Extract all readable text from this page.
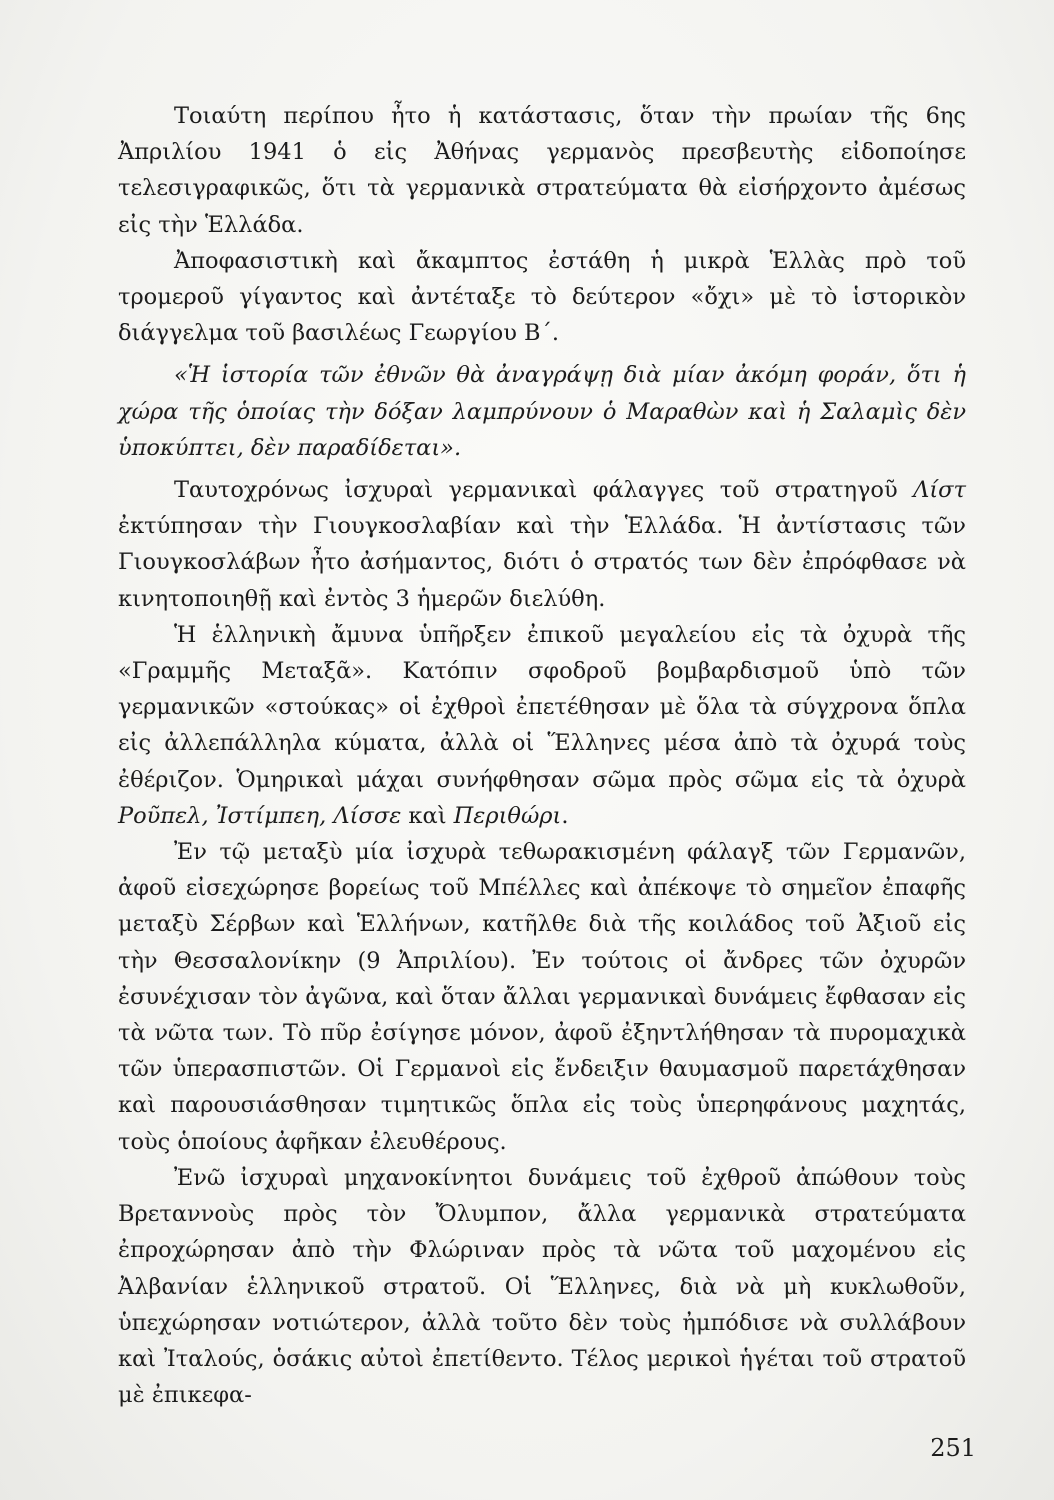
Τοιαύτη περίπου ἦτο ἡ κατάστασις, ὅταν τὴν πρωίαν τῆς 6ης Ἀπριλίου 1941 ὁ εἰς Ἀθήνας γερμανὸς πρεσβευτὴς εἰδοποίησε τελεσιγραφικῶς, ὅτι τὰ γερμανικὰ στρατεύματα θὰ εἰσήρχοντο ἀμέσως εἰς τὴν Ἑλλάδα.

Ἀποφασιστικὴ καὶ ἄκαμπτος ἐστάθη ἡ μικρὰ Ἑλλὰς πρὸ τοῦ τρομεροῦ γίγαντος καὶ ἀντέταξε τὸ δεύτερον «ὄχι» μὲ τὸ ἱστορικὸν διάγγελμα τοῦ βασιλέως Γεωργίου Β΄.

«Ἡ ἱστορία τῶν ἐθνῶν θὰ ἀναγράψῃ διὰ μίαν ἀκόμη φοράν, ὅτι ἡ χώρα τῆς ὁποίας τὴν δόξαν λαμπρύνουν ὁ Μαραθὼν καὶ ἡ Σαλαμὶς δὲν ὑποκύπτει, δὲν παραδίδεται».

Ταυτοχρόνως ἰσχυραὶ γερμανικαὶ φάλαγγες τοῦ στρατηγοῦ Λίστ ἐκτύπησαν τὴν Γιουγκοσλαβίαν καὶ τὴν Ἑλλάδα. Ἡ ἀντίστασις τῶν Γιουγκοσλάβων ἦτο ἀσήμαντος, διότι ὁ στρατός των δὲν ἐπρόφθασε νὰ κινητοποιηθῇ καὶ ἐντὸς 3 ἡμερῶν διελύθη.

Ἡ ἑλληνικὴ ἄμυνα ὑπῆρξεν ἐπικοῦ μεγαλείου εἰς τὰ ὀχυρὰ τῆς «Γραμμῆς Μεταξᾶ». Κατόπιν σφοδροῦ βομβαρδισμοῦ ὑπὸ τῶν γερμανικῶν «στούκας» οἱ ἐχθροὶ ἐπετέθησαν μὲ ὅλα τὰ σύγχρονα ὅπλα εἰς ἀλλεπάλληλα κύματα, ἀλλὰ οἱ Ἕλληνες μέσα ἀπὸ τὰ ὀχυρά τοὺς ἐθέριζον. Ὁμηρικαὶ μάχαι συνήφθησαν σῶμα πρὸς σῶμα εἰς τὰ ὀχυρὰ Ροῦπελ, Ἰστίμπεη, Λίσσε καὶ Περιθώρι.

Ἐν τῷ μεταξὺ μία ἰσχυρὰ τεθωρακισμένη φάλαγξ τῶν Γερμανῶν, ἀφοῦ εἰσεχώρησε βορείως τοῦ Μπέλλες καὶ ἀπέκοψε τὸ σημεῖον ἐπαφῆς μεταξὺ Σέρβων καὶ Ἑλλήνων, κατῆλθε διὰ τῆς κοιλάδος τοῦ Ἀξιοῦ εἰς τὴν Θεσσαλονίκην (9 Ἀπριλίου). Ἐν τούτοις οἱ ἄνδρες τῶν ὀχυρῶν ἐσυνέχισαν τὸν ἀγῶνα, καὶ ὅταν ἄλλαι γερμανικαὶ δυνάμεις ἔφθασαν εἰς τὰ νῶτα των. Τὸ πῦρ ἐσίγησε μόνον, ἀφοῦ ἐξηντλήθησαν τὰ πυρομαχικὰ τῶν ὑπερασπιστῶν. Οἱ Γερμανοὶ εἰς ἔνδειξιν θαυμασμοῦ παρετάχθησαν καὶ παρουσιάσθησαν τιμητικῶς ὅπλα εἰς τοὺς ὑπερηφάνους μαχητάς, τοὺς ὁποίους ἀφῆκαν ἐλευθέρους.

Ἐνῶ ἰσχυραὶ μηχανοκίνητοι δυνάμεις τοῦ ἐχθροῦ ἀπώθουν τοὺς Βρεταννοὺς πρὸς τὸν Ὄλυμπον, ἄλλα γερμανικὰ στρατεύματα ἐπροχώρησαν ἀπὸ τὴν Φλώριναν πρὸς τὰ νῶτα τοῦ μαχομένου εἰς Ἀλβανίαν ἑλληνικοῦ στρατοῦ. Οἱ Ἕλληνες, διὰ νὰ μὴ κυκλωθοῦν, ὑπεχώρησαν νοτιώτερον, ἀλλὰ τοῦτο δὲν τοὺς ἠμπόδισε νὰ συλλάβουν καὶ Ἰταλούς, ὁσάκις αὐτοὶ ἐπετίθεντο. Τέλος μερικοὶ ἡγέται τοῦ στρατοῦ μὲ ἐπικεφα-

251
